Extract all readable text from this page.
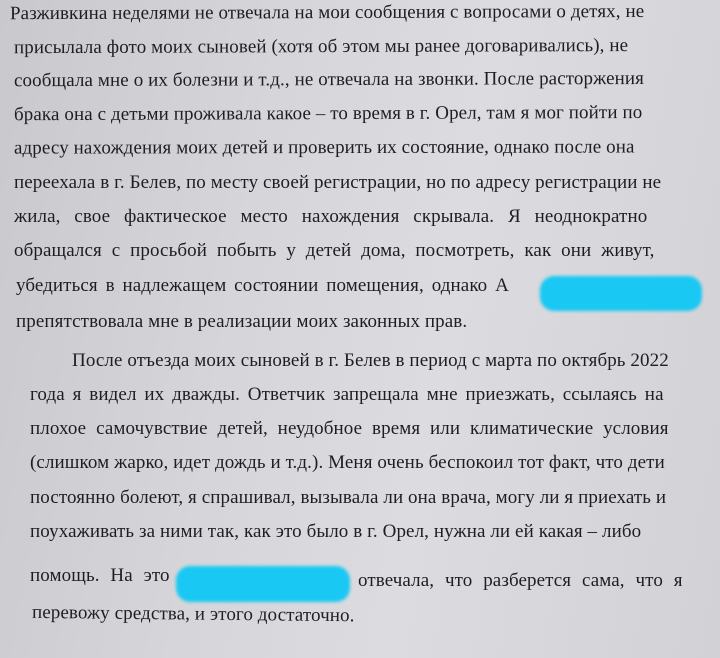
Разживкина неделями не отвечала на мои сообщения с вопросами о детях, не
присылала фото моих сыновей (хотя об этом мы ранее договаривались), не
сообщала мне о их болезни и т.д., не отвечала на звонки. После расторжения
брака она с детьми проживала какое – то время в г. Орел, там я мог пойти по
адресу нахождения моих детей и проверить их состояние, однако после она
переехала в г. Белев, по месту своей регистрации, но по адресу регистрации не
жила, свое фактическое место нахождения скрывала. Я неоднократно
обращался с просьбой побыть у детей дома, посмотреть, как они живут,
убедиться в надлежащем состоянии помещения, однако А
препятствовала мне в реализации моих законных прав.
После отъезда моих сыновей в г. Белев в период с марта по октябрь 2022
года я видел их дважды. Ответчик запрещала мне приезжать, ссылаясь на
плохое самочувствие детей, неудобное время или климатические условия
(слишком жарко, идет дождь и т.д.). Меня очень беспокоил тот факт, что дети
постоянно болеют, я спрашивал, вызывала ли она врача, могу ли я приехать и
поухаживать за ними так, как это было в г. Орел, нужна ли ей какая – либо
помощь. На это	отвечала, что разберется сама, что я
перевожу средства, и этого достаточно.
